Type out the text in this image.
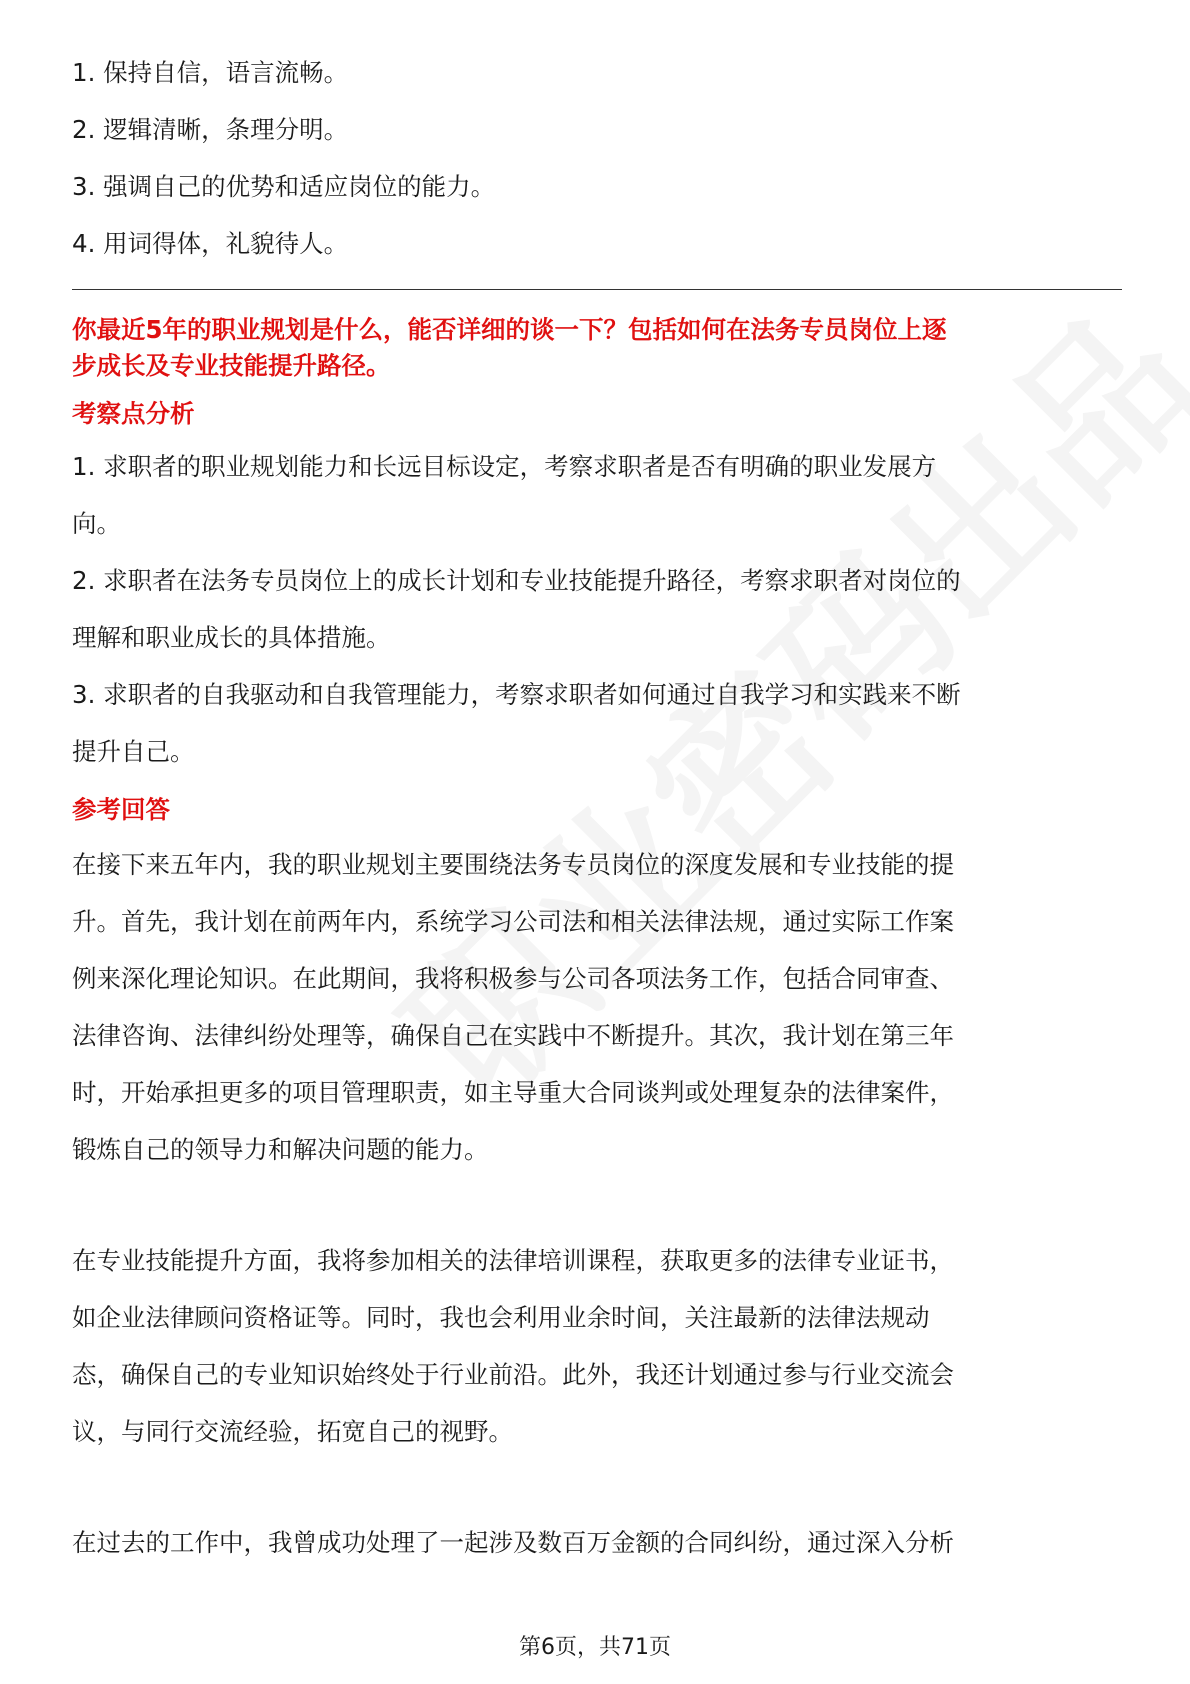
1. 保持自信，语言流畅。

2. 逻辑清晰，条理分明。

3. 强调自己的优势和适应岗位的能力。

4. 用词得体，礼貌待人。

你最近5年的职业规划是什么，能否详细的谈一下？包括如何在法务专员岗位上逐

步成长及专业技能提升路径。

考察点分析

1. 求职者的职业规划能力和长远目标设定，考察求职者是否有明确的职业发展方

向。

2. 求职者在法务专员岗位上的成长计划和专业技能提升路径，考察求职者对岗位的

理解和职业成长的具体措施。

3. 求职者的自我驱动和自我管理能力，考察求职者如何通过自我学习和实践来不断

提升自己。

参考回答

在接下来五年内，我的职业规划主要围绕法务专员岗位的深度发展和专业技能的提

升。首先，我计划在前两年内，系统学习公司法和相关法律法规，通过实际工作案

例来深化理论知识。在此期间，我将积极参与公司各项法务工作，包括合同审查、

法律咨询、法律纠纷处理等，确保自己在实践中不断提升。其次，我计划在第三年

时，开始承担更多的项目管理职责，如主导重大合同谈判或处理复杂的法律案件，

锻炼自己的领导力和解决问题的能力。

在专业技能提升方面，我将参加相关的法律培训课程，获取更多的法律专业证书，

如企业法律顾问资格证等。同时，我也会利用业余时间，关注最新的法律法规动

态，确保自己的专业知识始终处于行业前沿。此外，我还计划通过参与行业交流会

议，与同行交流经验，拓宽自己的视野。

在过去的工作中，我曾成功处理了一起涉及数百万金额的合同纠纷，通过深入分析

第6页，共71页
